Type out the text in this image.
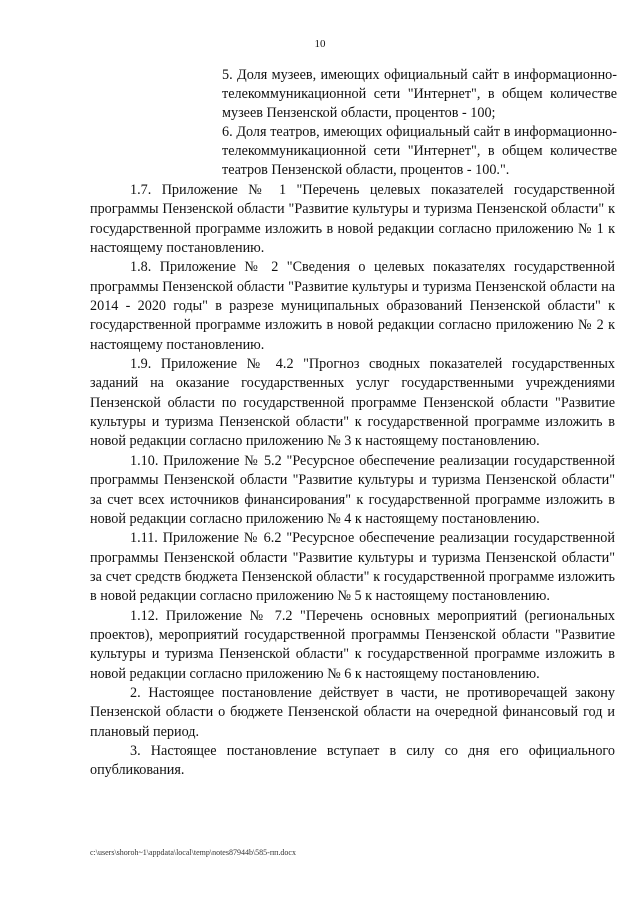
10

5. Доля музеев, имеющих официальный сайт в информационно-телекоммуникационной сети "Интернет", в общем количестве музеев Пензенской области, процентов - 100;

6. Доля театров, имеющих официальный сайт в информационно-телекоммуникационной сети "Интернет", в общем количестве театров Пензенской области, процентов - 100.".

1.7. Приложение № 1 "Перечень целевых показателей государственной программы Пензенской области "Развитие культуры и туризма Пензенской области" к государственной программе изложить в новой редакции согласно приложению № 1 к настоящему постановлению.

1.8. Приложение № 2 "Сведения о целевых показателях государственной программы Пензенской области "Развитие культуры и туризма Пензенской области на 2014 - 2020 годы" в разрезе муниципальных образований Пензенской области" к государственной программе изложить в новой редакции согласно приложению № 2 к настоящему постановлению.

1.9. Приложение № 4.2 "Прогноз сводных показателей государственных заданий на оказание государственных услуг государственными учреждениями Пензенской области по государственной программе Пензенской области "Развитие культуры и туризма Пензенской области" к государственной программе изложить в новой редакции согласно приложению № 3 к настоящему постановлению.

1.10. Приложение № 5.2 "Ресурсное обеспечение реализации государственной программы Пензенской области "Развитие культуры и туризма Пензенской области" за счет всех источников финансирования" к государственной программе изложить в новой редакции согласно приложению № 4 к настоящему постановлению.

1.11. Приложение № 6.2 "Ресурсное обеспечение реализации государственной программы Пензенской области "Развитие культуры и туризма Пензенской области" за счет средств бюджета Пензенской области" к государственной программе изложить в новой редакции согласно приложению № 5 к настоящему постановлению.

1.12. Приложение № 7.2 "Перечень основных мероприятий (региональных проектов), мероприятий государственной программы Пензенской области "Развитие культуры и туризма Пензенской области" к государственной программе изложить в новой редакции согласно приложению № 6 к настоящему постановлению.

2. Настоящее постановление действует в части, не противоречащей закону Пензенской области о бюджете Пензенской области на очередной финансовый год и плановый период.

3. Настоящее постановление вступает в силу со дня его официального опубликования.

c:\users\shoroh~1\appdata\local\temp\notes87944b\585-пп.docx
